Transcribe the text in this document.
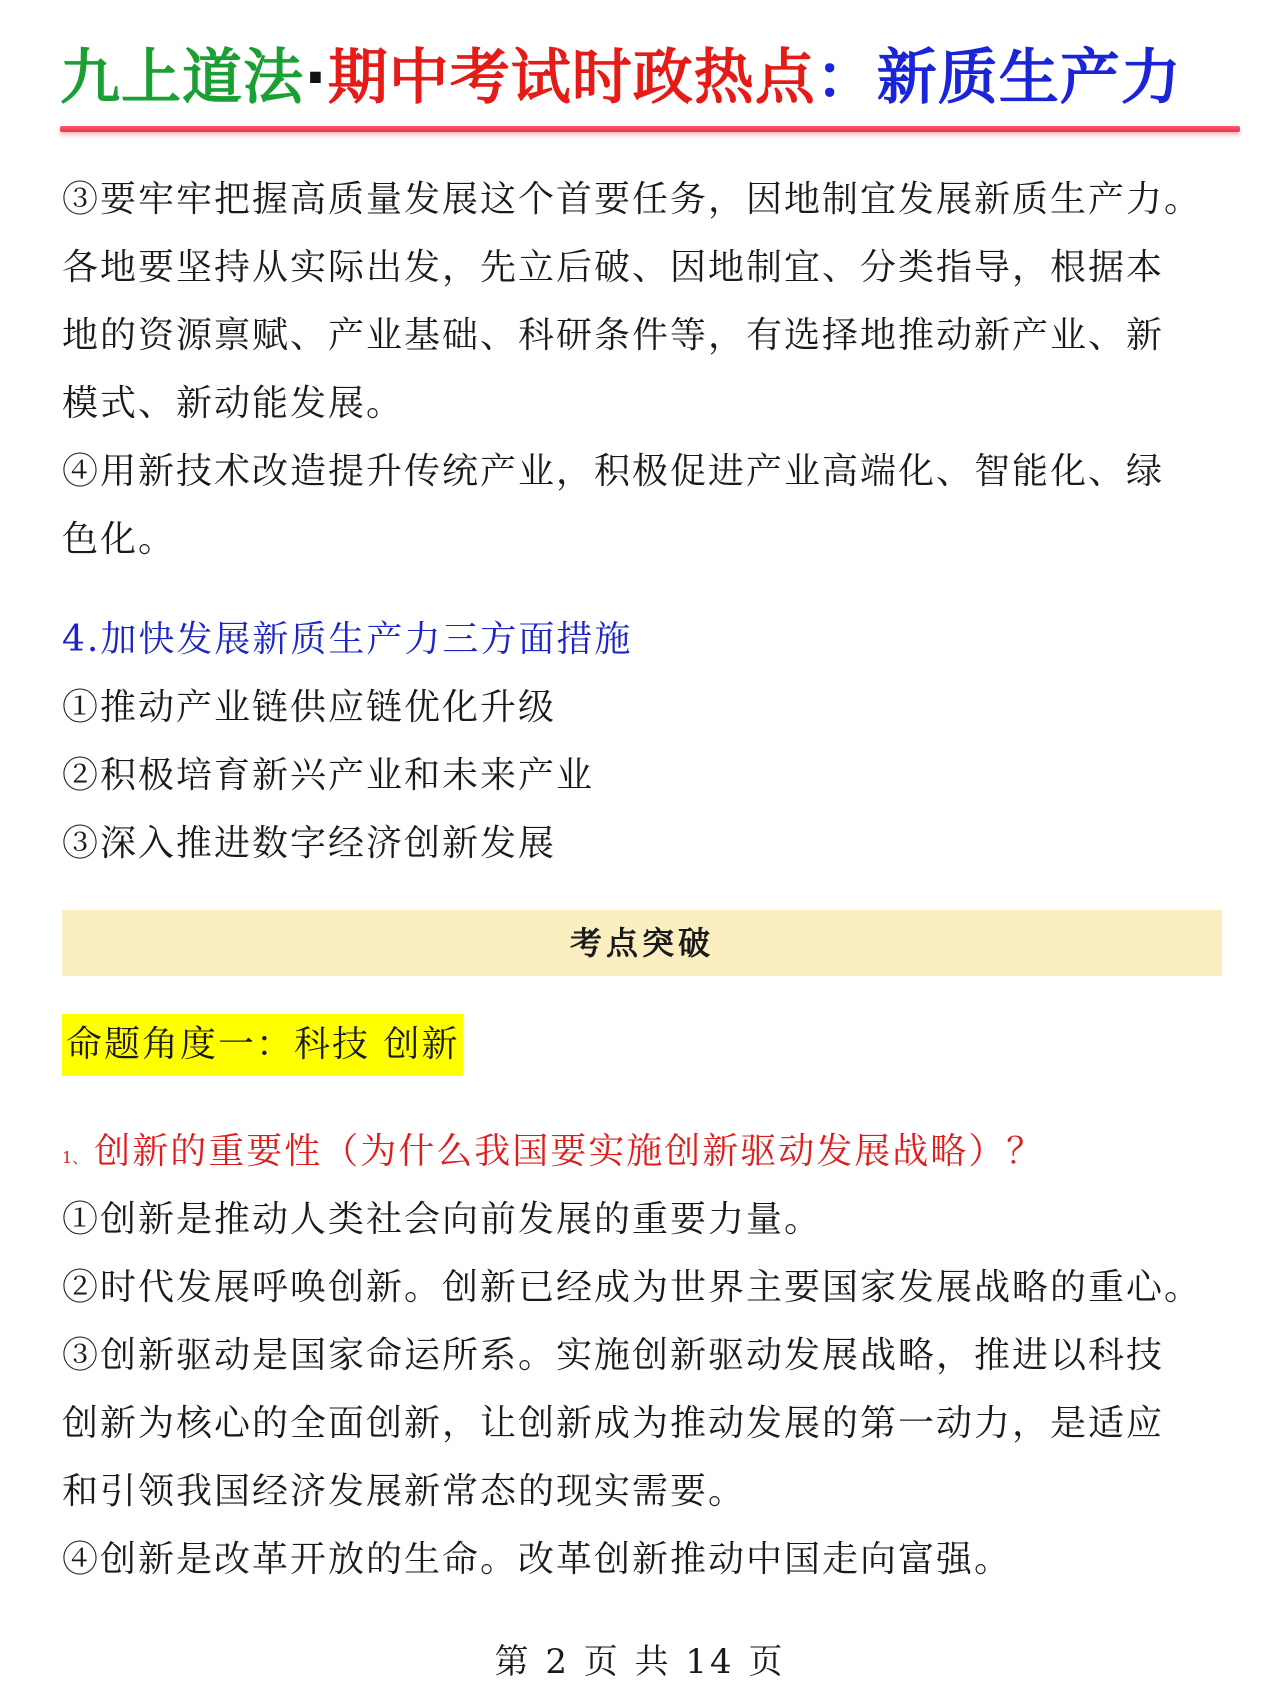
九上道法·期中考试时政热点：新质生产力
③要牢牢把握高质量发展这个首要任务，因地制宜发展新质生产力。
各地要坚持从实际出发，先立后破、因地制宜、分类指导，根据本
地的资源禀赋、产业基础、科研条件等，有选择地推动新产业、新
模式、新动能发展。
④用新技术改造提升传统产业，积极促进产业高端化、智能化、绿
色化。
4.加快发展新质生产力三方面措施
①推动产业链供应链优化升级
②积极培育新兴产业和未来产业
③深入推进数字经济创新发展
考点突破
命题角度一：科技 创新
1、 创新的重要性（为什么我国要实施创新驱动发展战略）？
①创新是推动人类社会向前发展的重要力量。
②时代发展呼唤创新。创新已经成为世界主要国家发展战略的重心。
③创新驱动是国家命运所系。实施创新驱动发展战略，推进以科技
创新为核心的全面创新，让创新成为推动发展的第一动力，是适应
和引领我国经济发展新常态的现实需要。
④创新是改革开放的生命。改革创新推动中国走向富强。
第 2 页 共 14 页
